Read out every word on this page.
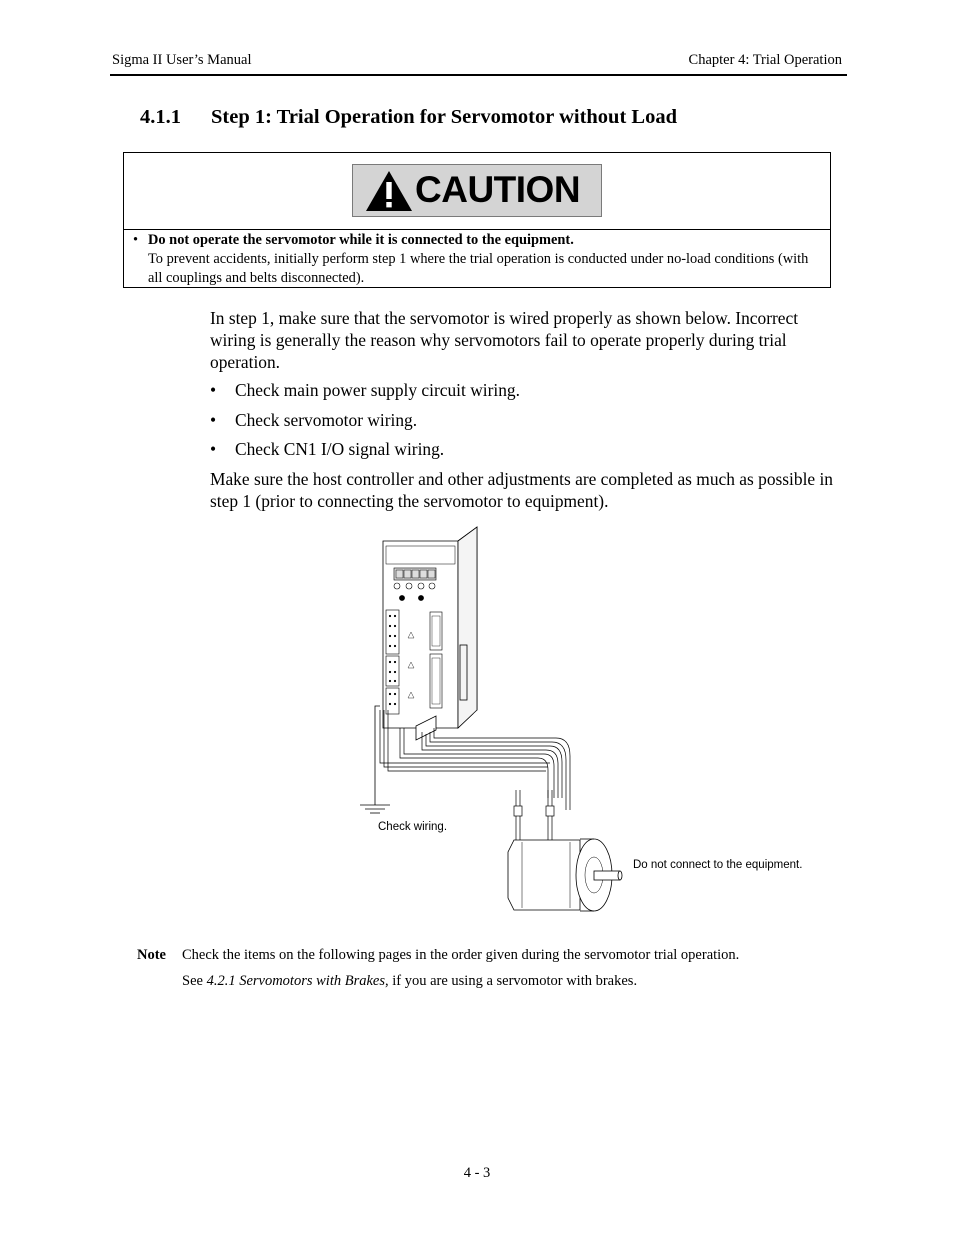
Sigma II User’s Manual	Chapter 4: Trial Operation
4.1.1 Step 1: Trial Operation for Servomotor without Load
CAUTION
• Do not operate the servomotor while it is connected to the equipment.
To prevent accidents, initially perform step 1 where the trial operation is conducted under no-load conditions (with all couplings and belts disconnected).
In step 1, make sure that the servomotor is wired properly as shown below. Incorrect wiring is generally the reason why servomotors fail to operate properly during trial operation.
• Check main power supply circuit wiring.
• Check servomotor wiring.
• Check CN1 I/O signal wiring.
Make sure the host controller and other adjustments are completed as much as possible in step 1 (prior to connecting the servomotor to equipment).
Check wiring.
Do not connect to the equipment.
Note Check the items on the following pages in the order given during the servomotor trial operation.
See 4.2.1 Servomotors with Brakes, if you are using a servomotor with brakes.
4 - 3
